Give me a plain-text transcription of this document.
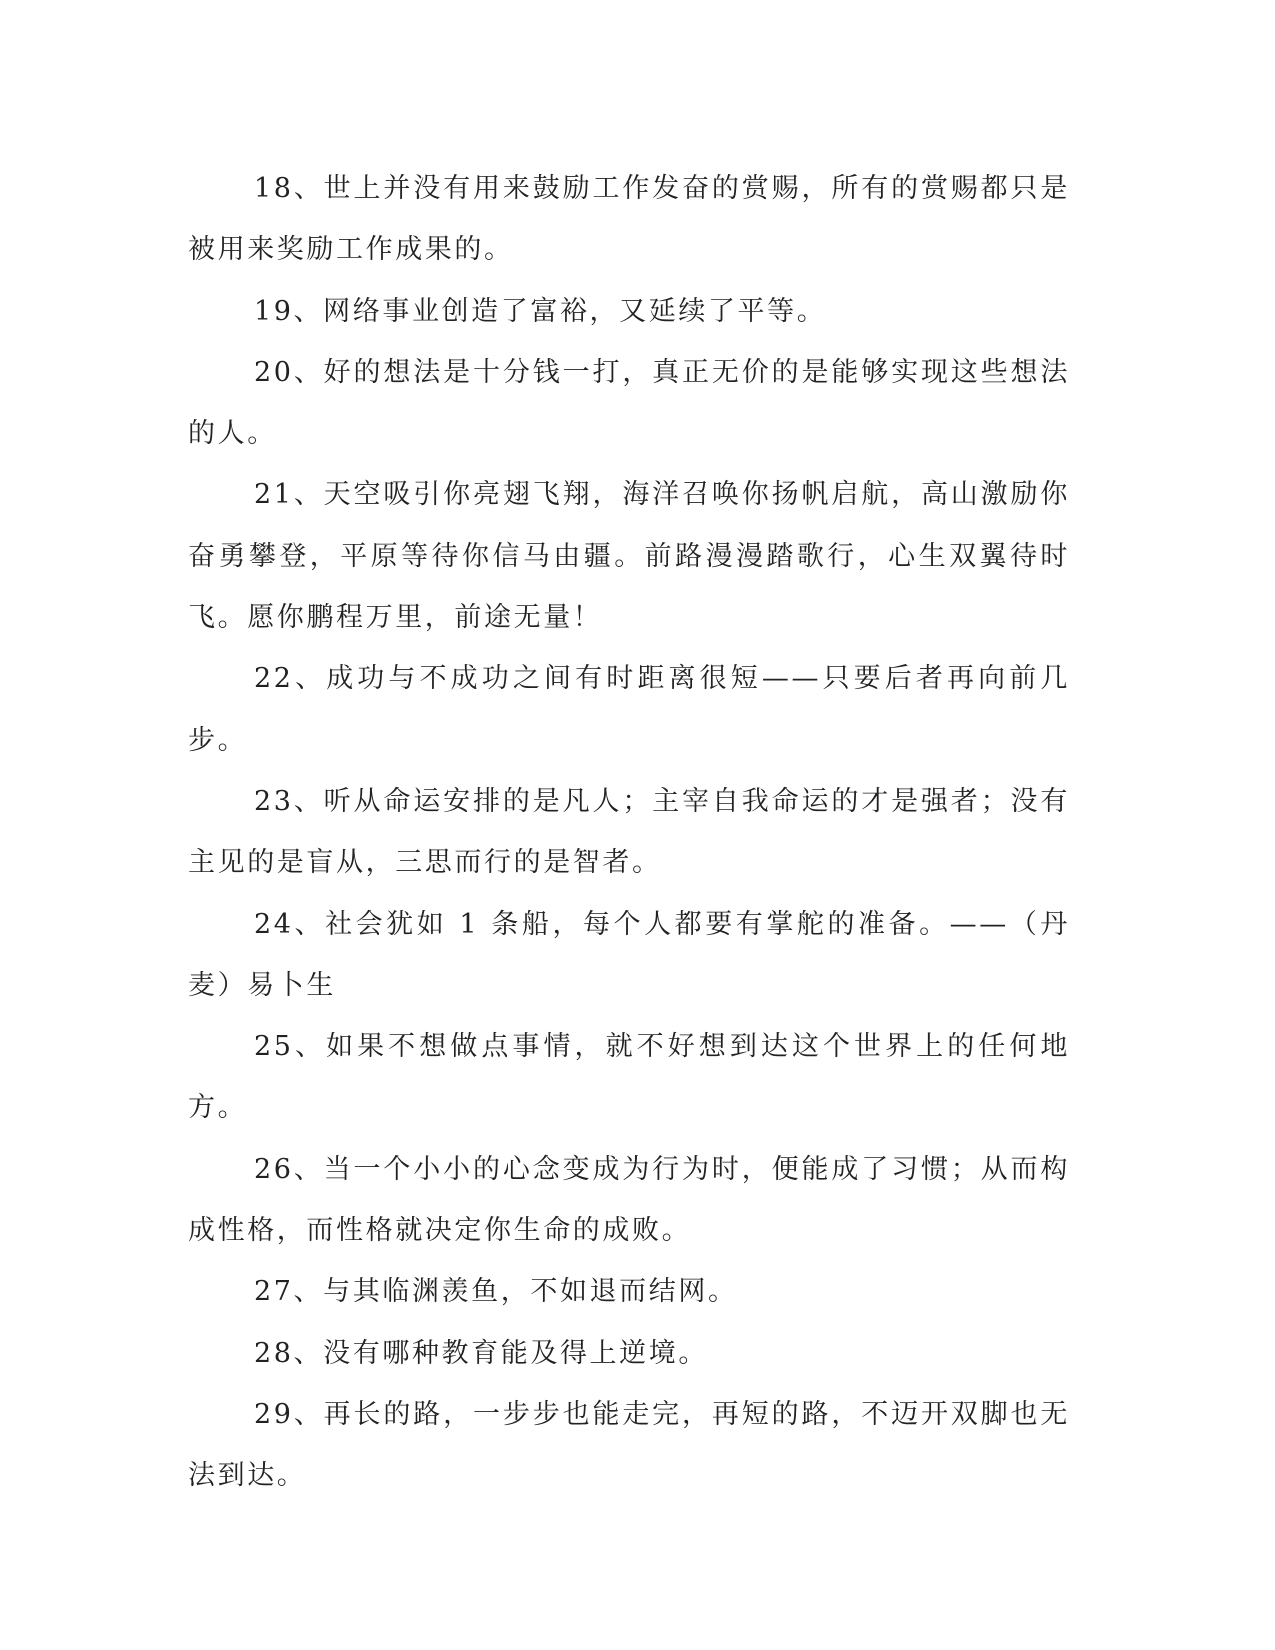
18、世上并没有用来鼓励工作发奋的赏赐，所有的赏赐都只是被用来奖励工作成果的。

19、网络事业创造了富裕，又延续了平等。

20、好的想法是十分钱一打，真正无价的是能够实现这些想法的人。

21、天空吸引你亮翅飞翔，海洋召唤你扬帆启航，高山激励你奋勇攀登，平原等待你信马由疆。前路漫漫踏歌行，心生双翼待时飞。愿你鹏程万里，前途无量！

22、成功与不成功之间有时距离很短——只要后者再向前几步。

23、听从命运安排的是凡人；主宰自我命运的才是强者；没有主见的是盲从，三思而行的是智者。

24、社会犹如 1 条船，每个人都要有掌舵的准备。——（丹麦）易卜生

25、如果不想做点事情，就不好想到达这个世界上的任何地方。

26、当一个小小的心念变成为行为时，便能成了习惯；从而构成性格，而性格就决定你生命的成败。

27、与其临渊羡鱼，不如退而结网。

28、没有哪种教育能及得上逆境。

29、再长的路，一步步也能走完，再短的路，不迈开双脚也无法到达。
